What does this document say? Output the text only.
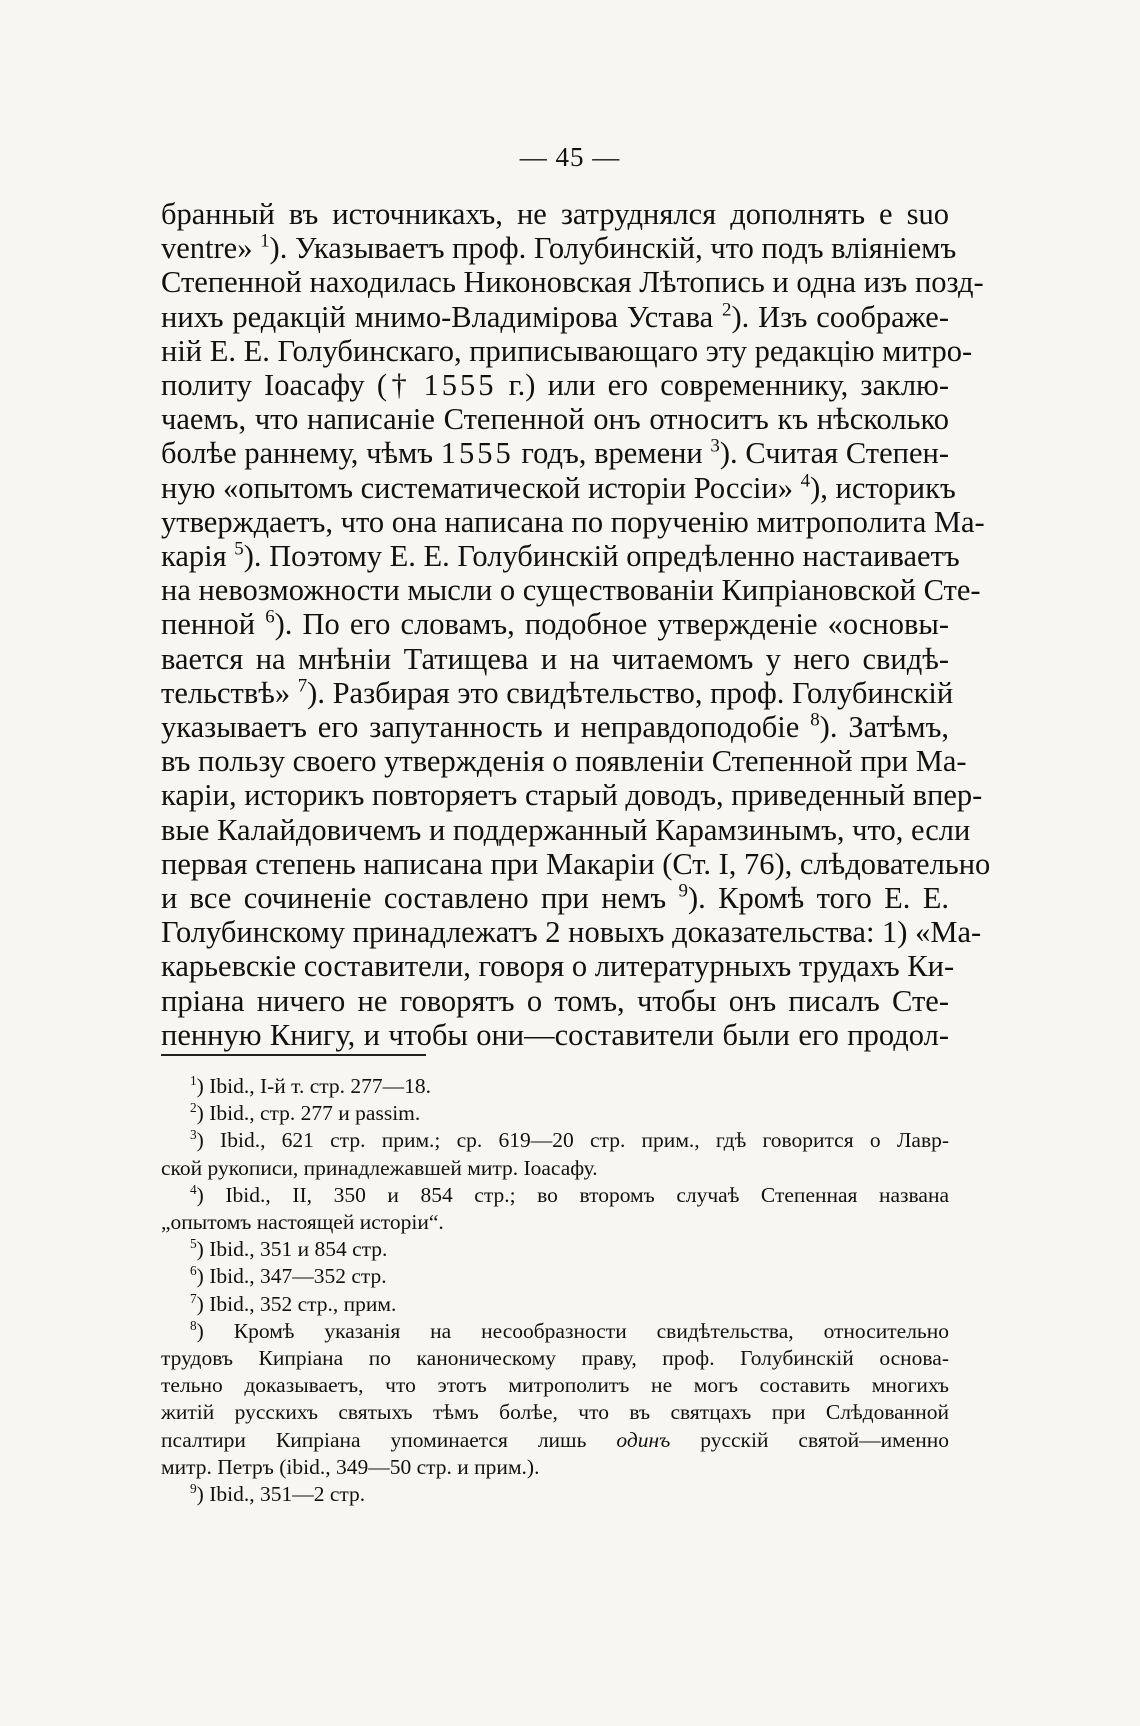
— 45 —
бранный въ источникахъ, не затруднялся дополнять e suo
ventre» $^1$). Указываетъ проф. Голубинскій, что подъ вліяніемъ
Степенной находилась Никоновская Лѣтопись и одна изъ позд-
нихъ редакцій мнимо-Владимірова Устава $^2$). Изъ соображе-
ній Е. Е. Голубинскаго, приписывающаго эту редакцію митро-
политу Іоасафу († 1555 г.) или его современнику, заклю-
чаемъ, что написаніе Степенной онъ относитъ къ нѣсколько
болѣе раннему, чѣмъ 1555 годъ, времени $^3$). Считая Степен-
ную «опытомъ систематической исторіи Россіи» $^4$), историкъ
утверждаетъ, что она написана по порученію митрополита Ма-
карія $^5$). Поэтому Е. Е. Голубинскій опредѣленно настаиваетъ
на невозможности мысли о существованіи Кипріановской Сте-
пенной $^6$). По его словамъ, подобное утвержденіе «основы-
вается на мнѣніи Татищева и на читаемомъ у него свидѣ-
тельствѣ» $^7$). Разбирая это свидѣтельство, проф. Голубинскій
указываетъ его запутанность и неправдоподобіе $^8$). Затѣмъ,
въ пользу своего утвержденія о появленіи Степенной при Ма-
каріи, историкъ повторяетъ старый доводъ, приведенный впер-
вые Калайдовичемъ и поддержанный Карамзинымъ, что, если
первая степень написана при Макаріи (Ст. I, 76), слѣдовательно
и все сочиненіе составлено при немъ $^9$). Кромѣ того Е. Е.
Голубинскому принадлежатъ 2 новыхъ доказательства: 1) «Ма-
карьевскіе составители, говоря о литературныхъ трудахъ Ки-
пріана ничего не говорятъ о томъ, чтобы онъ писалъ Сте-
пенную Книгу, и чтобы они—составители были его продол-
$^1$) Ibid., I-й т. стр. 277—18.
$^2$) Ibid., стр. 277 и passim.
$^3$) Ibid., 621 стр. прим.; ср. 619—20 стр. прим., гдѣ говорится о Лавр-
ской рукописи, принадлежавшей митр. Іоасафу.
$^4$) Ibid., II, 350 и 854 стр.; во второмъ случаѣ Степенная названа
„опытомъ настоящей исторіи“.
$^5$) Ibid., 351 и 854 стр.
$^6$) Ibid., 347—352 стр.
$^7$) Ibid., 352 стр., прим.
$^8$) Кромѣ указанія на несообразности свидѣтельства, относительно
трудовъ Кипріана по каноническому праву, проф. Голубинскій основа-
тельно доказываетъ, что этотъ митрополитъ не могъ составить многихъ
житій русскихъ святыхъ тѣмъ болѣе, что въ святцахъ при Слѣдованной
псалтири Кипріана упоминается лишь одинъ русскій святой—именно
митр. Петръ (ibid., 349—50 стр. и прим.).
$^9$) Ibid., 351—2 стр.
